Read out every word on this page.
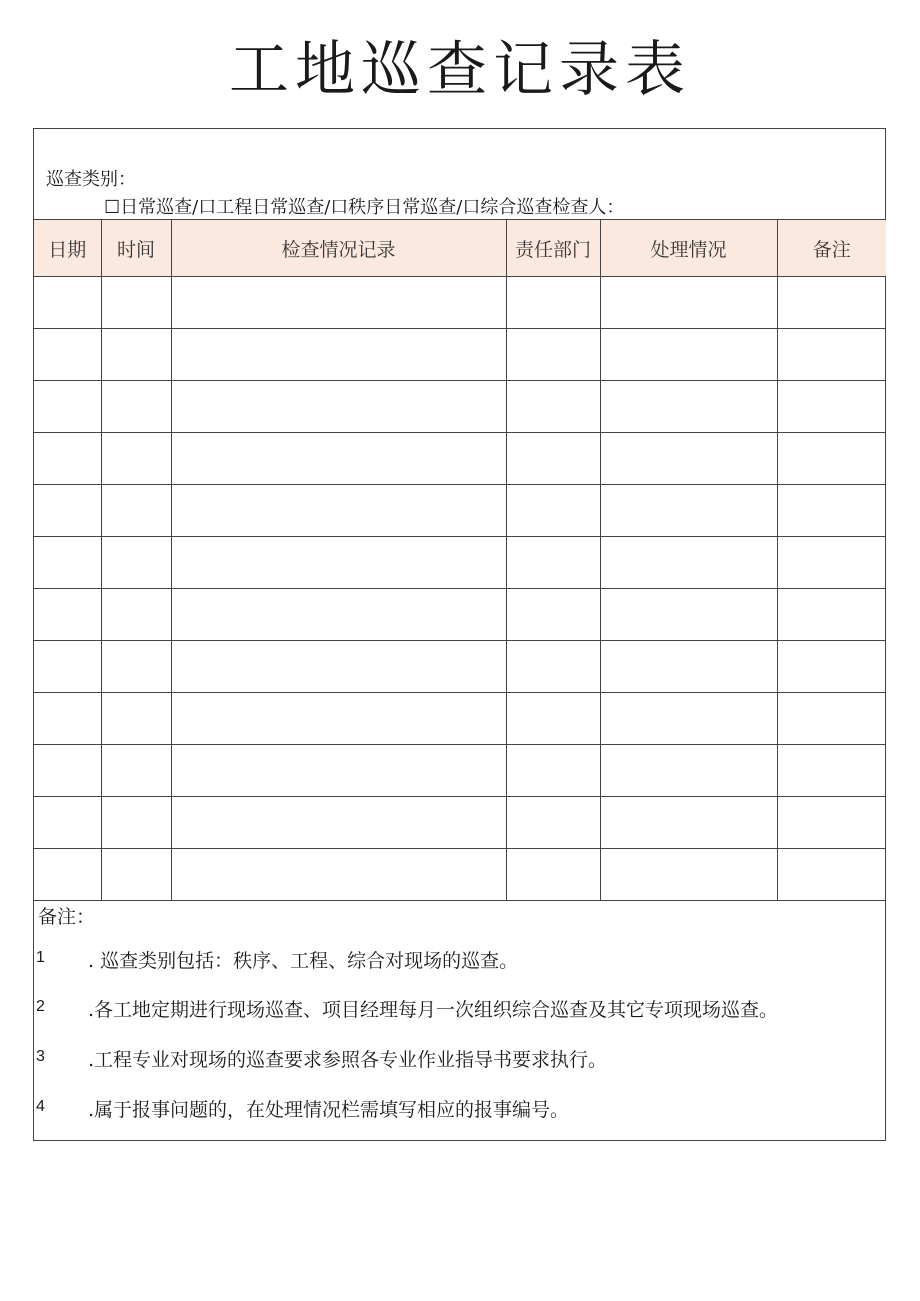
工地巡查记录表
巡查类别：
☐日常巡查/口工程日常巡查/口秩序日常巡查/口综合巡查检查人：
日期	时间	检查情况记录	责任部门	处理情况	备注

备注：
1 . 巡查类别包括：秩序、工程、综合对现场的巡查。
2 .各工地定期进行现场巡查、项目经理每月一次组织综合巡查及其它专项现场巡查。
3 .工程专业对现场的巡查要求参照各专业作业指导书要求执行。
4 .属于报事问题的，在处理情况栏需填写相应的报事编号。
